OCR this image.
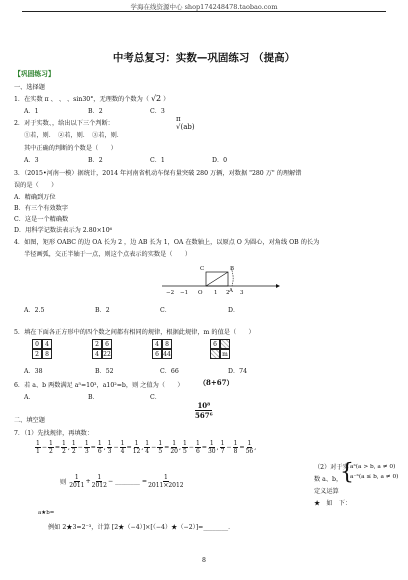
学海在线资源中心 shop174248478.taobao.com
中考总复习：实数—巩固练习 （提高）
【巩固练习】
一、选择题
1．在实数 π 、 、 、sin30°，无理数的个数为（ √2 ）
A．1	B．2	C．3
2．对于实数、，给出以下三个判断：
π
√(ab)
①若，则．　②若，则．　③若，则．
其中正确的判断的个数是（　　）
A．3	B．2	C．1	D．0
3．（2015•河南一模）据统计，2014 年河南省机动车保有量突破 280 万辆，对数据 "280 万" 的理解错
误的是（　　）
A．精确到万位
B．有三个有效数字
C．这是一个精确数
D．用科学记数法表示为 2.80×10⁶
4．如图，矩形 OABC 的边 OA 长为 2 ，边 AB 长为 1，OA 在数轴上，以原点 O 为圆心，对角线 OB 的长为
半径画弧，交正半轴于一点，则这个点表示的实数是（　　）
−2 −1 O 1 2 3
A
B
C
A．2.5	B．2	C．	D．
5．填在下面各正方形中的四个数之间都有相同的规律，根据此规律，m 的值是（　　）
0	4
2	8
2	6
4 22
4	8
6 44
6
m
A．38	B．52	C．66	D．74
6．若 a、b 两数满足 a⁵=10³，a10²=b，则 之值为（　　） （8+67）
A．	B．	C．
$\frac{\text{10⁸}}{\text{567⁶}}$
二、填空题
7．（1）先找规律，再填数：
$\frac{1}{1} - \frac{1}{2} = \frac{1}{2}$ , $\frac{1}{2} - \frac{1}{3} = \frac{1}{6}$ , $\frac{1}{3} - \frac{1}{4} = \frac{1}{12}$ , $\frac{1}{4} - \frac{1}{5} = \frac{1}{20}$ , $\frac{1}{5} - \frac{1}{6} = \frac{1}{30}$ , $\frac{1}{7} - \frac{1}{8} = \frac{1}{56}$ ,
则 $\frac{1}{2011} + \frac{1}{2012}$ − ________ = $\frac{1}{2011\times 2012}$
（2）对于实
数 a、b，
定义运算
★　如　下：
{
aᵇ(a > b, a ≠ 0)
a⁻ᵇ(a ≤ b, a ≠ 0)
a★b=
例如 2★3=2⁻³，计算 [2★（−4）]×[（−4）★（−2）]=________．
8
